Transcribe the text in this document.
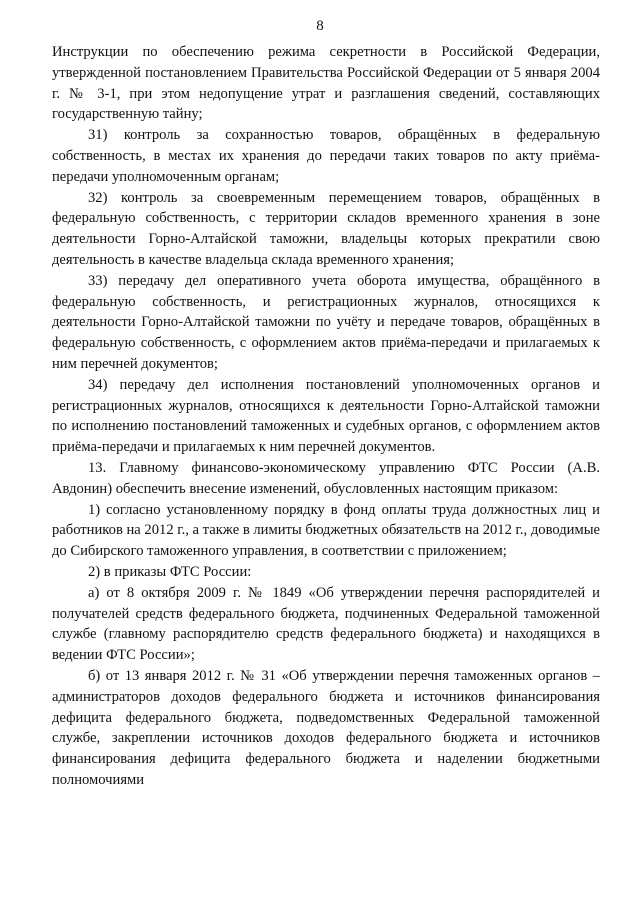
8

Инструкции по обеспечению режима секретности в Российской Федерации, утвержденной постановлением Правительства Российской Федерации от 5 января 2004 г. № 3-1, при этом недопущение утрат и разглашения сведений, составляющих государственную тайну;

31) контроль за сохранностью товаров, обращённых в федеральную собственность, в местах их хранения до передачи таких товаров по акту приёма-передачи уполномоченным органам;

32) контроль за своевременным перемещением товаров, обращённых в федеральную собственность, с территории складов временного хранения в зоне деятельности Горно-Алтайской таможни, владельцы которых прекратили свою деятельность в качестве владельца склада временного хранения;

33) передачу дел оперативного учета оборота имущества, обращённого в федеральную собственность, и регистрационных журналов, относящихся к деятельности Горно-Алтайской таможни по учёту и передаче товаров, обращённых в федеральную собственность, с оформлением актов приёма-передачи и прилагаемых к ним перечней документов;

34) передачу дел исполнения постановлений уполномоченных органов и регистрационных журналов, относящихся к деятельности Горно-Алтайской таможни по исполнению постановлений таможенных и судебных органов, с оформлением актов приёма-передачи и прилагаемых к ним перечней документов.

13. Главному финансово-экономическому управлению ФТС России (А.В. Авдонин) обеспечить внесение изменений, обусловленных настоящим приказом:

1) согласно установленному порядку в фонд оплаты труда должностных лиц и работников на 2012 г., а также в лимиты бюджетных обязательств на 2012 г., доводимые до Сибирского таможенного управления, в соответствии с приложением;

2) в приказы ФТС России:

а) от 8 октября 2009 г. № 1849 «Об утверждении перечня распорядителей и получателей средств федерального бюджета, подчиненных Федеральной таможенной службе (главному распорядителю средств федерального бюджета) и находящихся в ведении ФТС России»;

б) от 13 января 2012 г. № 31 «Об утверждении перечня таможенных органов – администраторов доходов федерального бюджета и источников финансирования дефицита федерального бюджета, подведомственных Федеральной таможенной службе, закреплении источников доходов федерального бюджета и источников финансирования дефицита федерального бюджета и наделении бюджетными полномочиями
